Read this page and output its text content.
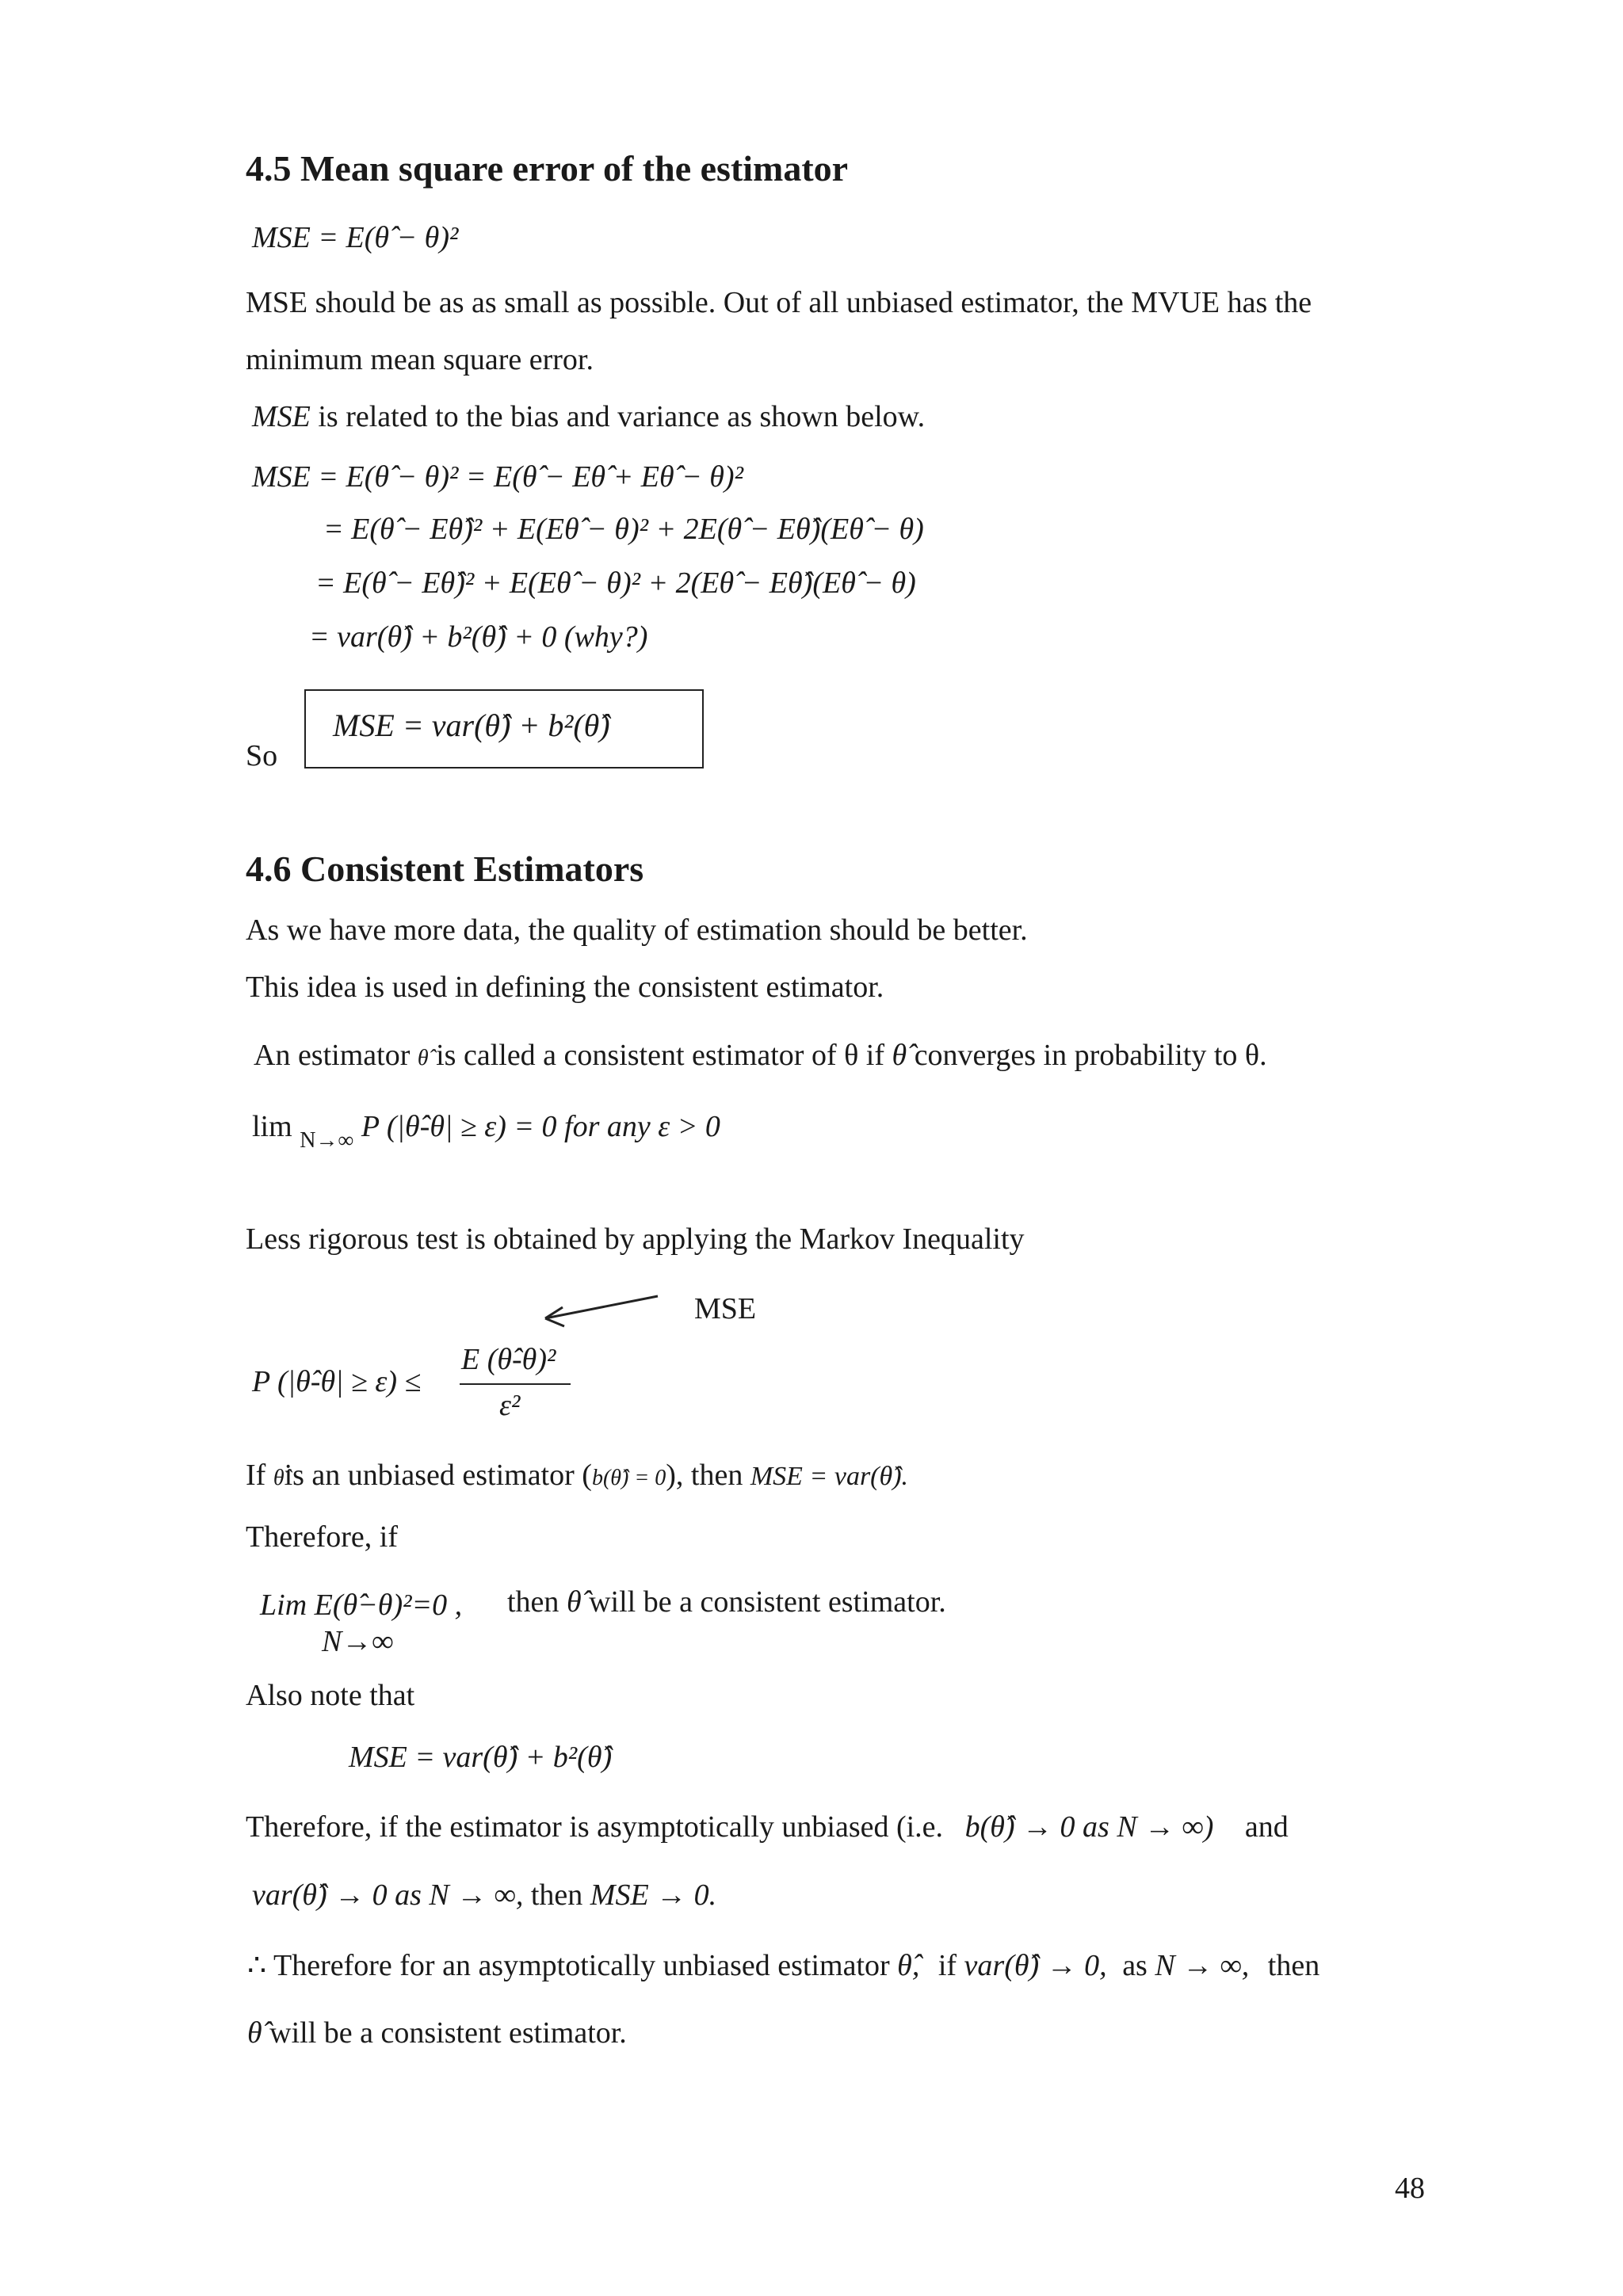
4.5 Mean square error of the estimator
MSE = E(θ̂ − θ)²
MSE should be as as small as possible. Out of all unbiased estimator, the MVUE has the
minimum mean square error.
MSE is related to the bias and variance as shown below.
MSE = E(θ̂ − θ)² = E(θ̂ − Eθ̂ + Eθ̂ − θ)²
= E(θ̂ − Eθ̂)² + E(Eθ̂ − θ)² + 2E(θ̂ − Eθ̂)(Eθ̂ − θ)
= E(θ̂ − Eθ̂)² + E(Eθ̂ − θ)² + 2(Eθ̂ − Eθ̂)(Eθ̂ − θ)
= var(θ̂) + b²(θ̂) + 0 (why?)
So
MSE = var(θ̂) + b²(θ̂)
4.6 Consistent Estimators
As we have more data, the quality of estimation should be better.
This idea is used in defining the consistent estimator.
An estimator θ̂ is called a consistent estimator of θ if θ̂ converges in probability to θ.
lim $_{N\to\infty}$ P (|θ̂-θ| ≥ ε) = 0 for any ε > 0
Less rigorous test is obtained by applying the Markov Inequality
MSE
P (|θ̂-θ| ≥ ε) ≤
E (θ̂-θ)²
ε²
If θ̂is an unbiased estimator (b(θ̂) = 0), then MSE = var(θ̂).
Therefore, if
Lim E(θ̂−θ)²=0 ,
N→∞
then θ̂ will be a consistent estimator.
Also note that
MSE = var(θ̂) + b²(θ̂)
Therefore, if the estimator is asymptotically unbiased (i.e. b(θ̂) → 0 as N → ∞) and
var(θ̂) → 0 as N → ∞, then MSE → 0.
∴ Therefore for an asymptotically unbiased estimator θ̂, if var(θ̂) → 0, as N → ∞, then
θ̂ will be a consistent estimator.
48
